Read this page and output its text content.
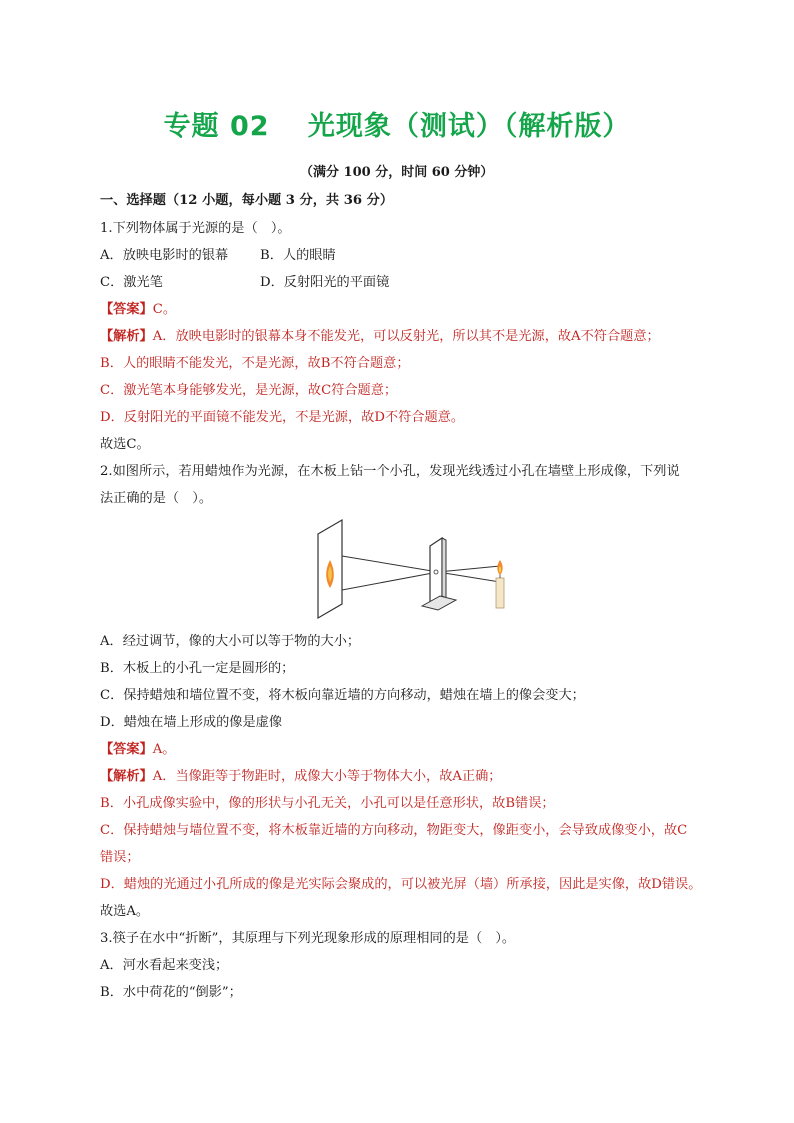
专题 02　 光现象（测试）（解析版）
（满分 100 分，时间 60 分钟）
一、选择题（12 小题，每小题 3 分，共 36 分）
1.下列物体属于光源的是（　）。
A．放映电影时的银幕 B．人的眼睛
C．激光笔	D．反射阳光的平面镜
【答案】C。
【解析】A．放映电影时的银幕本身不能发光，可以反射光，所以其不是光源，故A不符合题意；
B．人的眼睛不能发光，不是光源，故B不符合题意；
C．激光笔本身能够发光，是光源，故C符合题意；
D．反射阳光的平面镜不能发光，不是光源，故D不符合题意。
故选C。
2.如图所示，若用蜡烛作为光源，在木板上钻一个小孔，发现光线透过小孔在墙壁上形成像，下列说
法正确的是（　）。
A．经过调节，像的大小可以等于物的大小；
B．木板上的小孔一定是圆形的；
C．保持蜡烛和墙位置不变，将木板向靠近墙的方向移动，蜡烛在墙上的像会变大；
D．蜡烛在墙上形成的像是虚像
【答案】A。
【解析】A．当像距等于物距时，成像大小等于物体大小，故A正确；
B．小孔成像实验中，像的形状与小孔无关，小孔可以是任意形状，故B错误；
C．保持蜡烛与墙位置不变，将木板靠近墙的方向移动，物距变大，像距变小，会导致成像变小，故C
错误；
D．蜡烛的光通过小孔所成的像是光实际会聚成的，可以被光屏（墙）所承接，因此是实像，故D错误。
故选A。
3.筷子在水中“折断”，其原理与下列光现象形成的原理相同的是（　）。
A．河水看起来变浅；
B．水中荷花的“倒影”；
